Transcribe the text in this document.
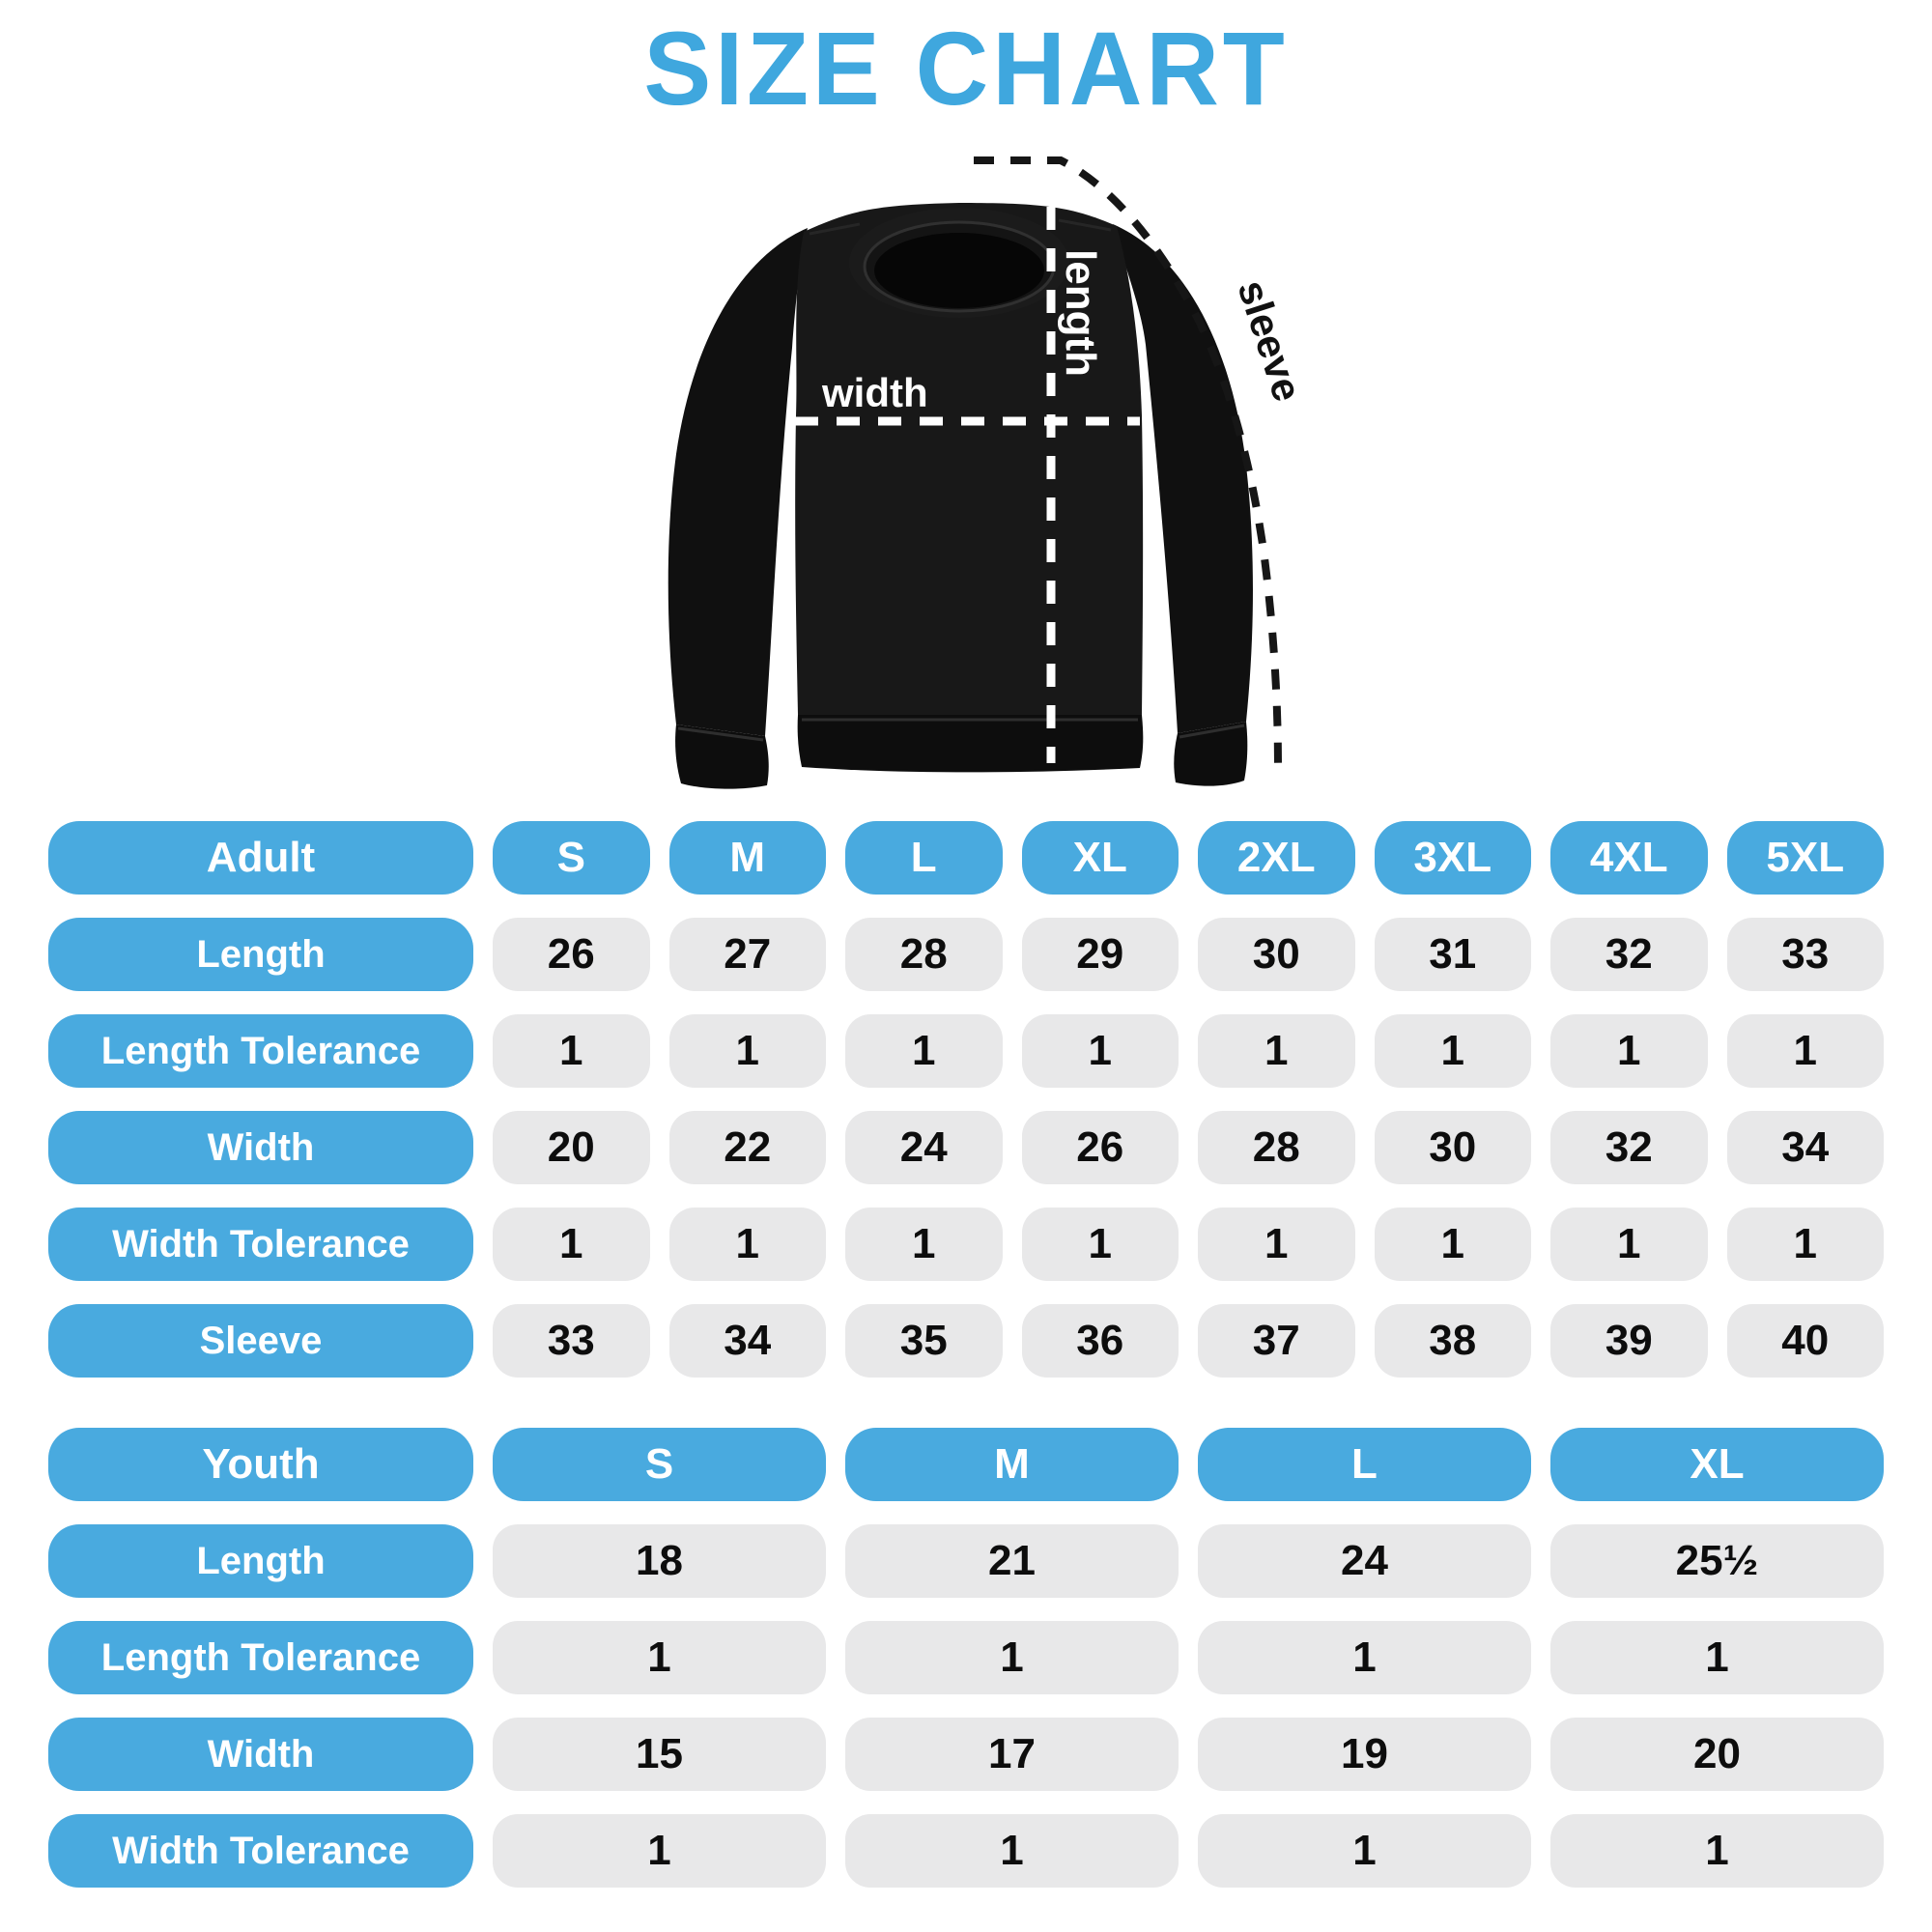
SIZE CHART
width
length	sleeve
Adult	S	M	L	XL	2XL	3XL	4XL	5XL
Length	26	27	28	29	30	31	32	33
Length Tolerance	1	1	1	1	1	1	1	1
Width	20	22	24	26	28	30	32	34
Width Tolerance	1	1	1	1	1	1	1	1
Sleeve	33	34	35	36	37	38	39	40
Youth	S	M	L	XL
Length	18	21	24	25½
Length Tolerance	1	1	1	1
Width	15	17	19	20
Width Tolerance	1	1	1	1
